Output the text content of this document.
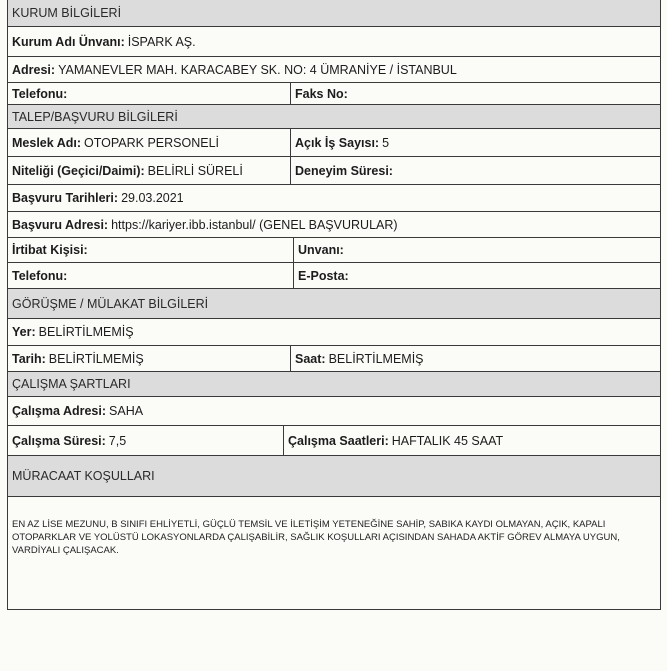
KURUM BİLGİLERİ
Kurum Adı Ünvanı: İSPARK AŞ.
Adresi: YAMANEVLER MAH. KARACABEY SK. NO: 4 ÜMRANİYE / İSTANBUL
Telefonu:	Faks No:
TALEP/BAŞVURU BİLGİLERİ
Meslek Adı: OTOPARK PERSONELİ	Açık İş Sayısı: 5
Niteliği (Geçici/Daimi): BELİRLİ SÜRELİ	Deneyim Süresi:
Başvuru Tarihleri: 29.03.2021
Başvuru Adresi: https://kariyer.ibb.istanbul/ (GENEL BAŞVURULAR)
İrtibat Kişisi:	Unvanı:
Telefonu:	E-Posta:
GÖRÜŞME / MÜLAKAT BİLGİLERİ
Yer: BELİRTİLMEMİŞ
Tarih: BELİRTİLMEMİŞ	Saat: BELİRTİLMEMİŞ
ÇALIŞMA ŞARTLARI
Çalışma Adresi: SAHA
Çalışma Süresi: 7,5	Çalışma Saatleri: HAFTALIK 45 SAAT
MÜRACAAT KOŞULLARI
EN AZ LİSE MEZUNU, B SINIFI EHLİYETLİ, GÜÇLÜ TEMSİL VE İLETİŞİM YETENEĞİNE SAHİP, SABIKA KAYDI OLMAYAN, AÇIK, KAPALI OTOPARKLAR VE YOLÜSTÜ LOKASYONLARDA ÇALIŞABİLİR, SAĞLIK KOŞULLARI AÇISINDAN SAHADA AKTİF GÖREV ALMAYA UYGUN, VARDİYALI ÇALIŞACAK.
